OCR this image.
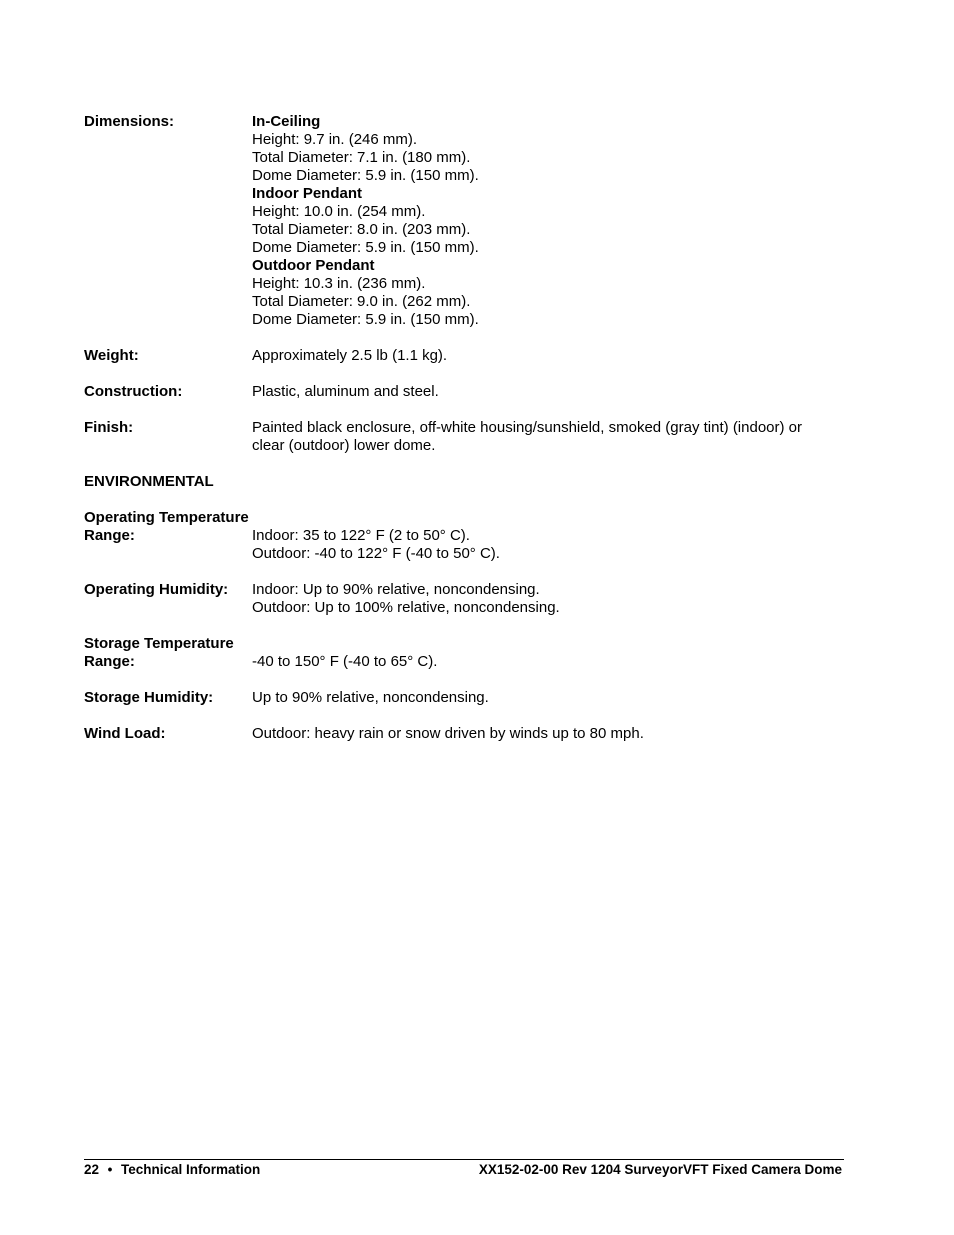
Dimensions:	In-Ceiling
Height: 9.7 in. (246 mm).
Total Diameter: 7.1 in. (180 mm).
Dome Diameter: 5.9 in. (150 mm).
Indoor Pendant
Height: 10.0 in. (254 mm).
Total Diameter: 8.0 in. (203 mm).
Dome Diameter: 5.9 in. (150 mm).
Outdoor Pendant
Height: 10.3 in. (236 mm).
Total Diameter: 9.0 in. (262 mm).
Dome Diameter: 5.9 in. (150 mm).
Weight:	Approximately 2.5 lb (1.1 kg).
Construction:	Plastic, aluminum and steel.
Finish:	Painted black enclosure, off-white housing/sunshield, smoked (gray tint) (indoor) or
clear (outdoor) lower dome.
ENVIRONMENTAL
Operating Temperature
Range:
	Indoor: 35 to 122° F (2 to 50° C).
Outdoor: -40 to 122° F (-40 to 50° C).
Operating Humidity:	Indoor: Up to 90% relative, noncondensing.
Outdoor: Up to 100% relative, noncondensing.
Storage Temperature
Range:
	-40 to 150° F (-40 to 65° C).
Storage Humidity:	Up to 90% relative, noncondensing.
Wind Load:	Outdoor: heavy rain or snow driven by winds up to 80 mph.
22 • Technical Information	XX152-02-00 Rev 1204 SurveyorVFT Fixed Camera Dome
